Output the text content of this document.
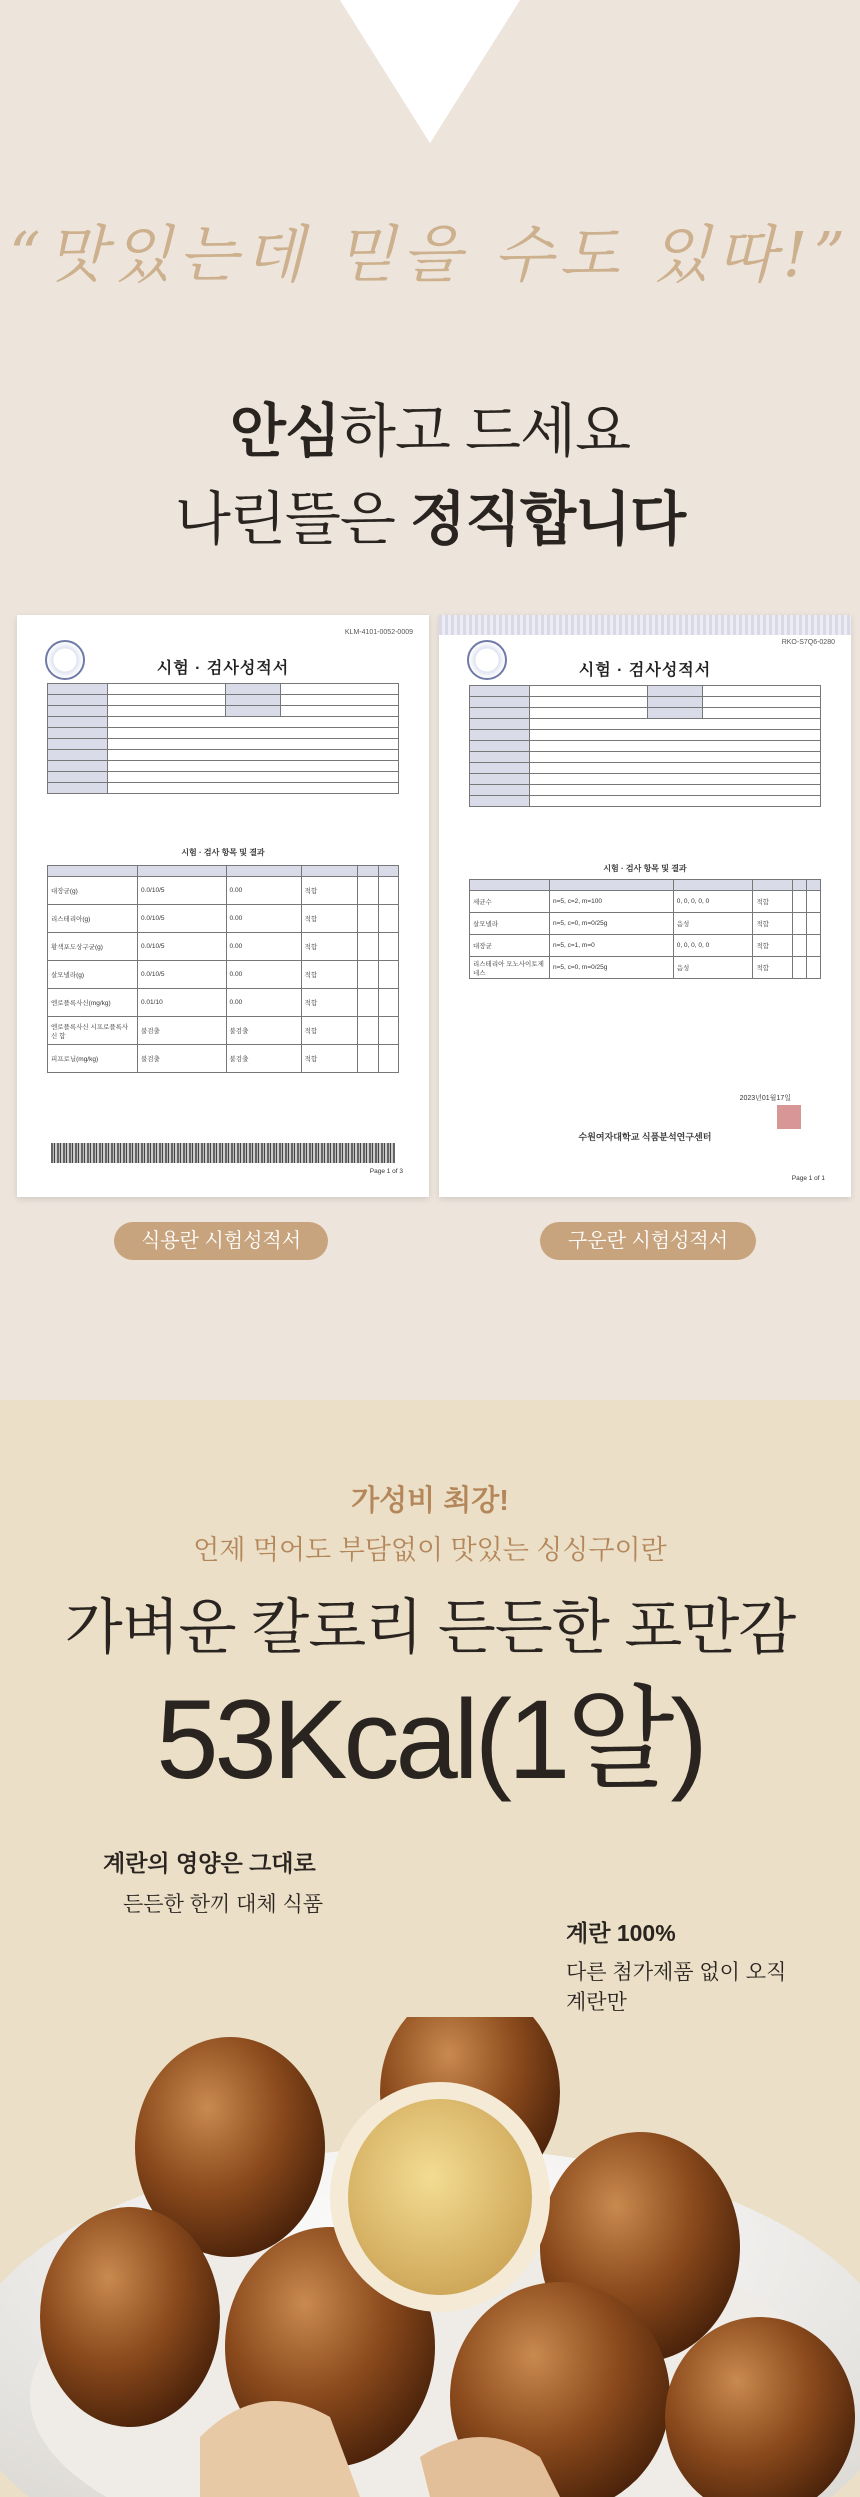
“맛있는데 믿을 수도 있따!”
안심하고 드세요
나린뜰은 정직합니다
KLM-4101-0052-0009
시험 · 검사성적서

시험 · 검사 항목 및 결과

대장균(g)	0.0/10/5	0.00	적합		
리스테리아(g)	0.0/10/5	0.00	적합		
황색포도상구균(g)	0.0/10/5	0.00	적합		
살모넬라(g)	0.0/10/5	0.00	적합		
엔로플록사신(mg/kg)	0.01/10	0.00	적합		
엔로플록사신 시프로플록사신 합	불검출	불검출	적합		
피프로닐(mg/kg)	불검출	불검출	적합		
Page 1 of 3
RKO-S7Q6-0280
시험 · 검사성적서

시험 · 검사 항목 및 결과

세균수	n=5, c=2, m=100	0, 0, 0, 0, 0	적합		
살모넬라	n=5, c=0, m=0/25g	음성	적합		
대장균	n=5, c=1, m=0	0, 0, 0, 0, 0	적합		
리스테리아 모노사이토제네스	n=5, c=0, m=0/25g	음성	적합		
2023년01월17일
수원여자대학교 식품분석연구센터
Page 1 of 1
식용란 시험성적서	구운란 시험성적서
가성비 최강!
언제 먹어도 부담없이 맛있는 싱싱구이란
가벼운 칼로리 든든한 포만감
53Kcal(1알)
계란의 영양은 그대로
든든한 한끼 대체 식품
계란 100%
다른 첨가제품 없이 오직
계란만
